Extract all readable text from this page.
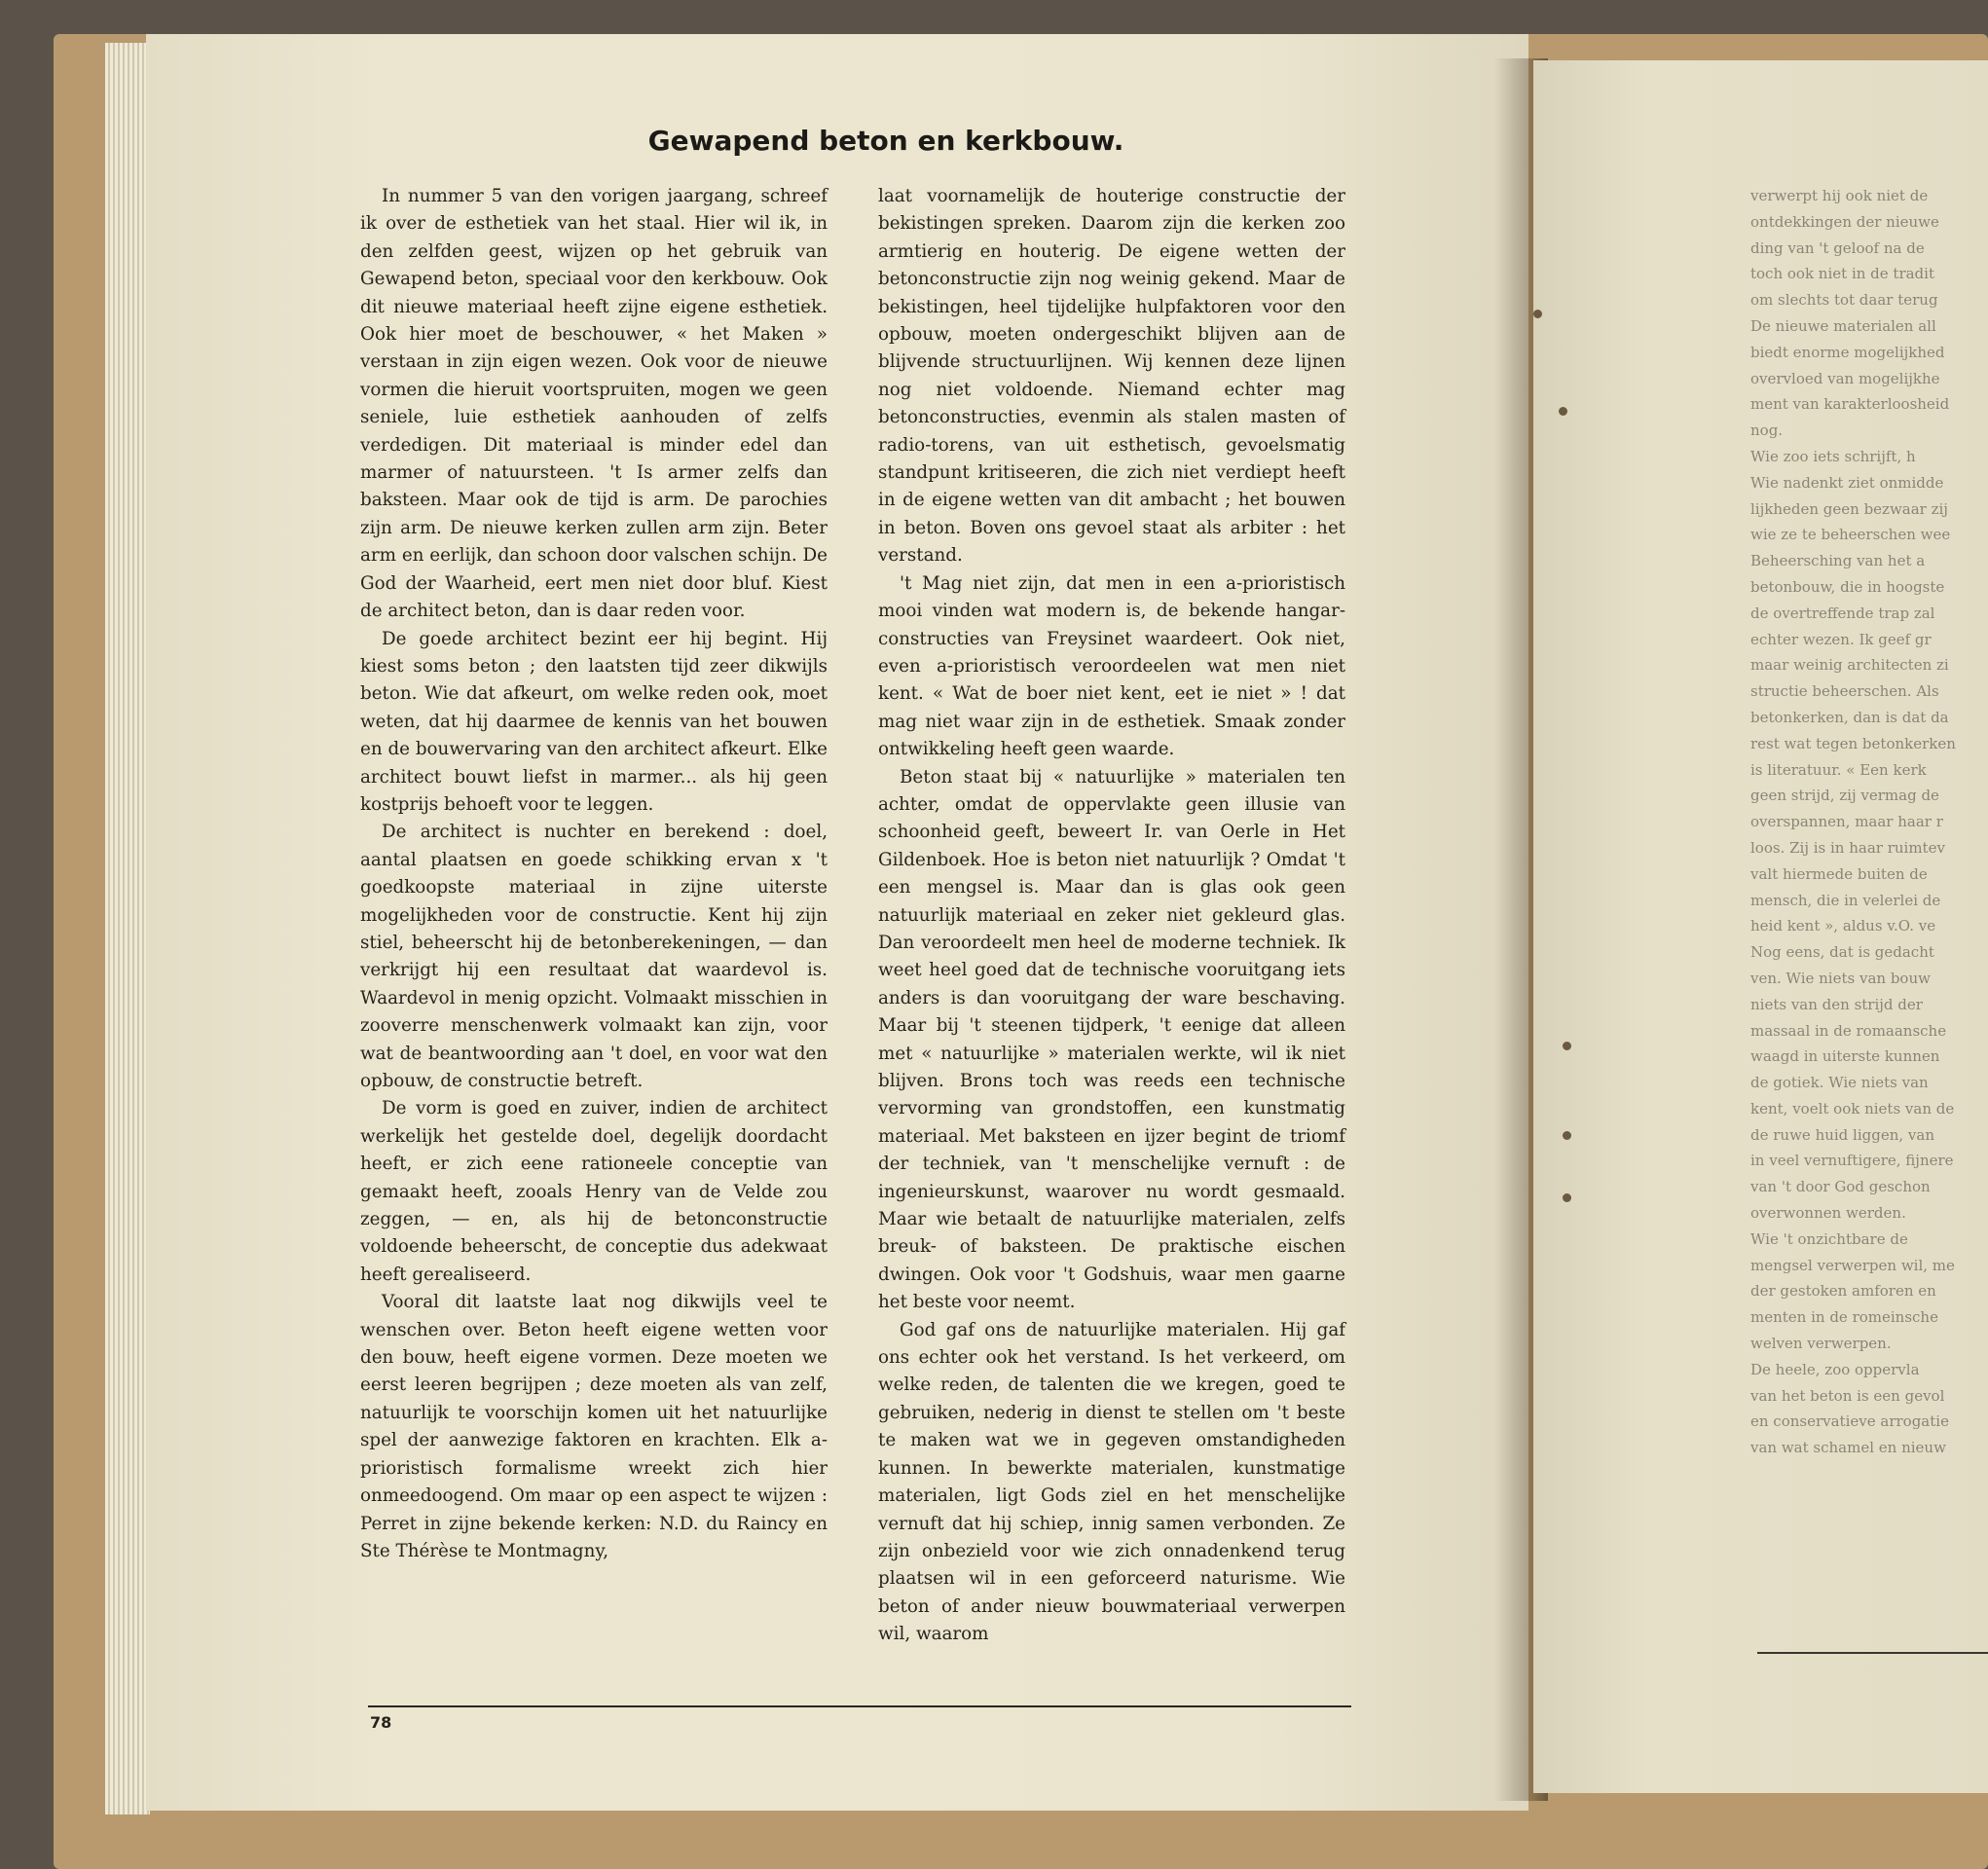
Gewapend beton en kerkbouw.

In nummer 5 van den vorigen jaargang, schreef ik over de esthetiek van het staal. Hier wil ik, in den zelfden geest, wijzen op het gebruik van Gewapend beton, speciaal voor den kerkbouw. Ook dit nieuwe materiaal heeft zijne eigene esthetiek. Ook hier moet de beschouwer, « het Maken » verstaan in zijn eigen wezen. Ook voor de nieuwe vormen die hieruit voortspruiten, mogen we geen seniele, luie esthetiek aanhouden of zelfs verdedigen. Dit materiaal is minder edel dan marmer of natuursteen. 't Is armer zelfs dan baksteen. Maar ook de tijd is arm. De parochies zijn arm. De nieuwe kerken zullen arm zijn. Beter arm en eerlijk, dan schoon door valschen schijn. De God der Waarheid, eert men niet door bluf. Kiest de architect beton, dan is daar reden voor.

De goede architect bezint eer hij begint. Hij kiest soms beton ; den laatsten tijd zeer dikwijls beton. Wie dat afkeurt, om welke reden ook, moet weten, dat hij daarmee de kennis van het bouwen en de bouwervaring van den architect afkeurt. Elke architect bouwt liefst in marmer... als hij geen kostprijs behoeft voor te leggen.

De architect is nuchter en berekend : doel, aantal plaatsen en goede schikking ervan x 't goedkoopste materiaal in zijne uiterste mogelijkheden voor de constructie. Kent hij zijn stiel, beheerscht hij de betonberekeningen, — dan verkrijgt hij een resultaat dat waardevol is. Waardevol in menig opzicht. Volmaakt misschien in zooverre menschenwerk volmaakt kan zijn, voor wat de beantwoording aan 't doel, en voor wat den opbouw, de constructie betreft.

De vorm is goed en zuiver, indien de architect werkelijk het gestelde doel, degelijk doordacht heeft, er zich eene rationeele conceptie van gemaakt heeft, zooals Henry van de Velde zou zeggen, — en, als hij de betonconstructie voldoende beheerscht, de conceptie dus adekwaat heeft gerealiseerd.

Vooral dit laatste laat nog dikwijls veel te wenschen over. Beton heeft eigene wetten voor den bouw, heeft eigene vormen. Deze moeten we eerst leeren begrijpen ; deze moeten als van zelf, natuurlijk te voorschijn komen uit het natuurlijke spel der aanwezige faktoren en krachten. Elk a-prioristisch formalisme wreekt zich hier onmeedoogend. Om maar op een aspect te wijzen : Perret in zijne bekende kerken: N.D. du Raincy en Ste Thérèse te Montmagny,

laat voornamelijk de houterige constructie der bekistingen spreken. Daarom zijn die kerken zoo armtierig en houterig. De eigene wetten der betonconstructie zijn nog weinig gekend. Maar de bekistingen, heel tijdelijke hulpfaktoren voor den opbouw, moeten ondergeschikt blijven aan de blijvende structuurlijnen. Wij kennen deze lijnen nog niet voldoende. Niemand echter mag betonconstructies, evenmin als stalen masten of radio-torens, van uit esthetisch, gevoelsmatig standpunt kritiseeren, die zich niet verdiept heeft in de eigene wetten van dit ambacht ; het bouwen in beton. Boven ons gevoel staat als arbiter : het verstand.

't Mag niet zijn, dat men in een a-prioristisch mooi vinden wat modern is, de bekende hangar-constructies van Freysinet waardeert. Ook niet, even a-prioristisch veroordeelen wat men niet kent. « Wat de boer niet kent, eet ie niet » ! dat mag niet waar zijn in de esthetiek. Smaak zonder ontwikkeling heeft geen waarde.

Beton staat bij « natuurlijke » materialen ten achter, omdat de oppervlakte geen illusie van schoonheid geeft, beweert Ir. van Oerle in Het Gildenboek. Hoe is beton niet natuurlijk ? Omdat 't een mengsel is. Maar dan is glas ook geen natuurlijk materiaal en zeker niet gekleurd glas. Dan veroordeelt men heel de moderne techniek. Ik weet heel goed dat de technische vooruitgang iets anders is dan vooruitgang der ware beschaving. Maar bij 't steenen tijdperk, 't eenige dat alleen met « natuurlijke » materialen werkte, wil ik niet blijven. Brons toch was reeds een technische vervorming van grondstoffen, een kunstmatig materiaal. Met baksteen en ijzer begint de triomf der techniek, van 't menschelijke vernuft : de ingenieurskunst, waarover nu wordt gesmaald. Maar wie betaalt de natuurlijke materialen, zelfs breuk- of baksteen. De praktische eischen dwingen. Ook voor 't Godshuis, waar men gaarne het beste voor neemt.

God gaf ons de natuurlijke materialen. Hij gaf ons echter ook het verstand. Is het verkeerd, om welke reden, de talenten die we kregen, goed te gebruiken, nederig in dienst te stellen om 't beste te maken wat we in gegeven omstandigheden kunnen. In bewerkte materialen, kunstmatige materialen, ligt Gods ziel en het menschelijke vernuft dat hij schiep, innig samen verbonden. Ze zijn onbezield voor wie zich onnadenkend terug plaatsen wil in een geforceerd naturisme. Wie beton of ander nieuw bouwmateriaal verwerpen wil, waarom

78
verwerpt hij ook niet de
ontdekkingen der nieuwe
ding van 't geloof na de
toch ook niet in de tradit
om slechts tot daar terug
De nieuwe materialen all
biedt enorme mogelijkhed
overvloed van mogelijkhe
ment van karakterloosheid
nog.
Wie zoo iets schrijft, h
Wie nadenkt ziet onmidde
lijkheden geen bezwaar zij
wie ze te beheerschen wee
Beheersching van het a
betonbouw, die in hoogste
de overtreffende trap zal
echter wezen. Ik geef gr
maar weinig architecten zi
structie beheerschen. Als
betonkerken, dan is dat da
rest wat tegen betonkerken
is literatuur. « Een kerk
geen strijd, zij vermag de
overspannen, maar haar r
loos. Zij is in haar ruimtev
valt hiermede buiten de
mensch, die in velerlei de
heid kent », aldus v.O. ve
Nog eens, dat is gedacht
ven. Wie niets van bouw
niets van den strijd der
massaal in de romaansche
waagd in uiterste kunnen
de gotiek. Wie niets van
kent, voelt ook niets van de
de ruwe huid liggen, van
in veel vernuftigere, fijnere
van 't door God geschon
overwonnen werden.
Wie 't onzichtbare de
mengsel verwerpen wil, me
der gestoken amforen en
menten in de romeinsche
welven verwerpen.
De heele, zoo oppervla
van het beton is een gevol
en conservatieve arrogatie
van wat schamel en nieuw
